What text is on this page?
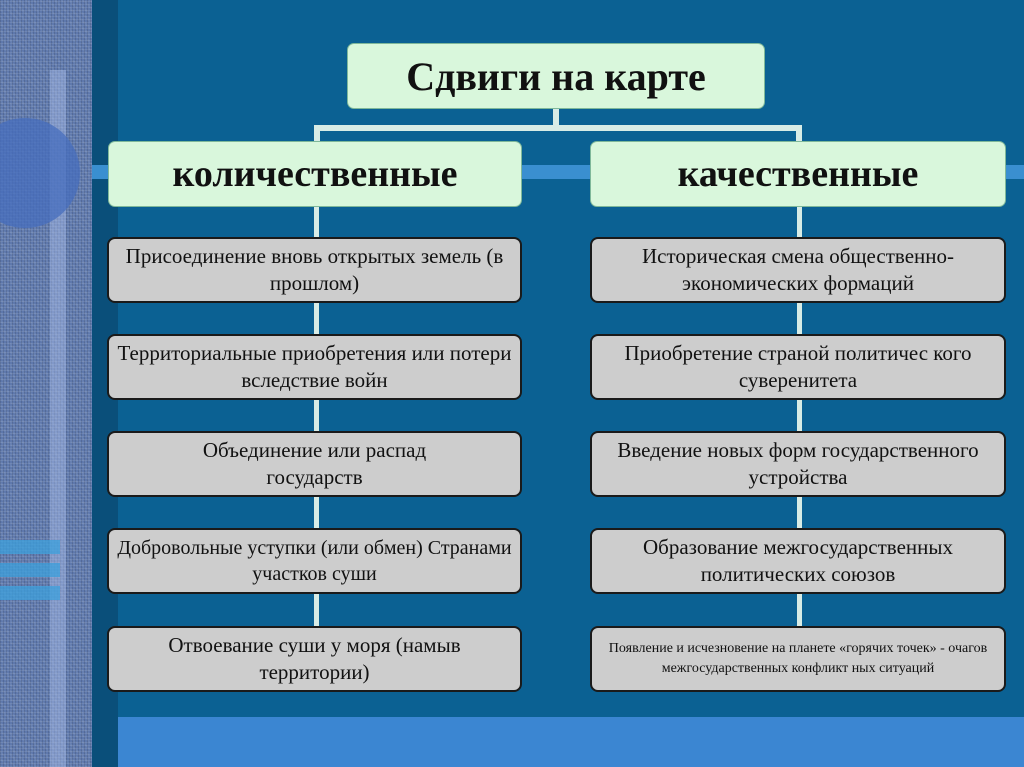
Сдвиги на карте
количественные	качественные
Присоединение вновь открытых земель (в прошлом)
Территориальные приобретения или потери вследствие войн
Объединение или распад государств
Добровольные уступки (или обмен) Странами участков суши
Отвоевание суши у моря (намыв территории)
Историческая смена общественно-экономических формаций
Приобретение страной политичес кого суверенитета
Введение новых форм государственного устройства
Образование межгосударственных политических союзов
Появление и исчезновение на планете «горячих точек» - очагов межгосударственных конфликт ных ситуаций
